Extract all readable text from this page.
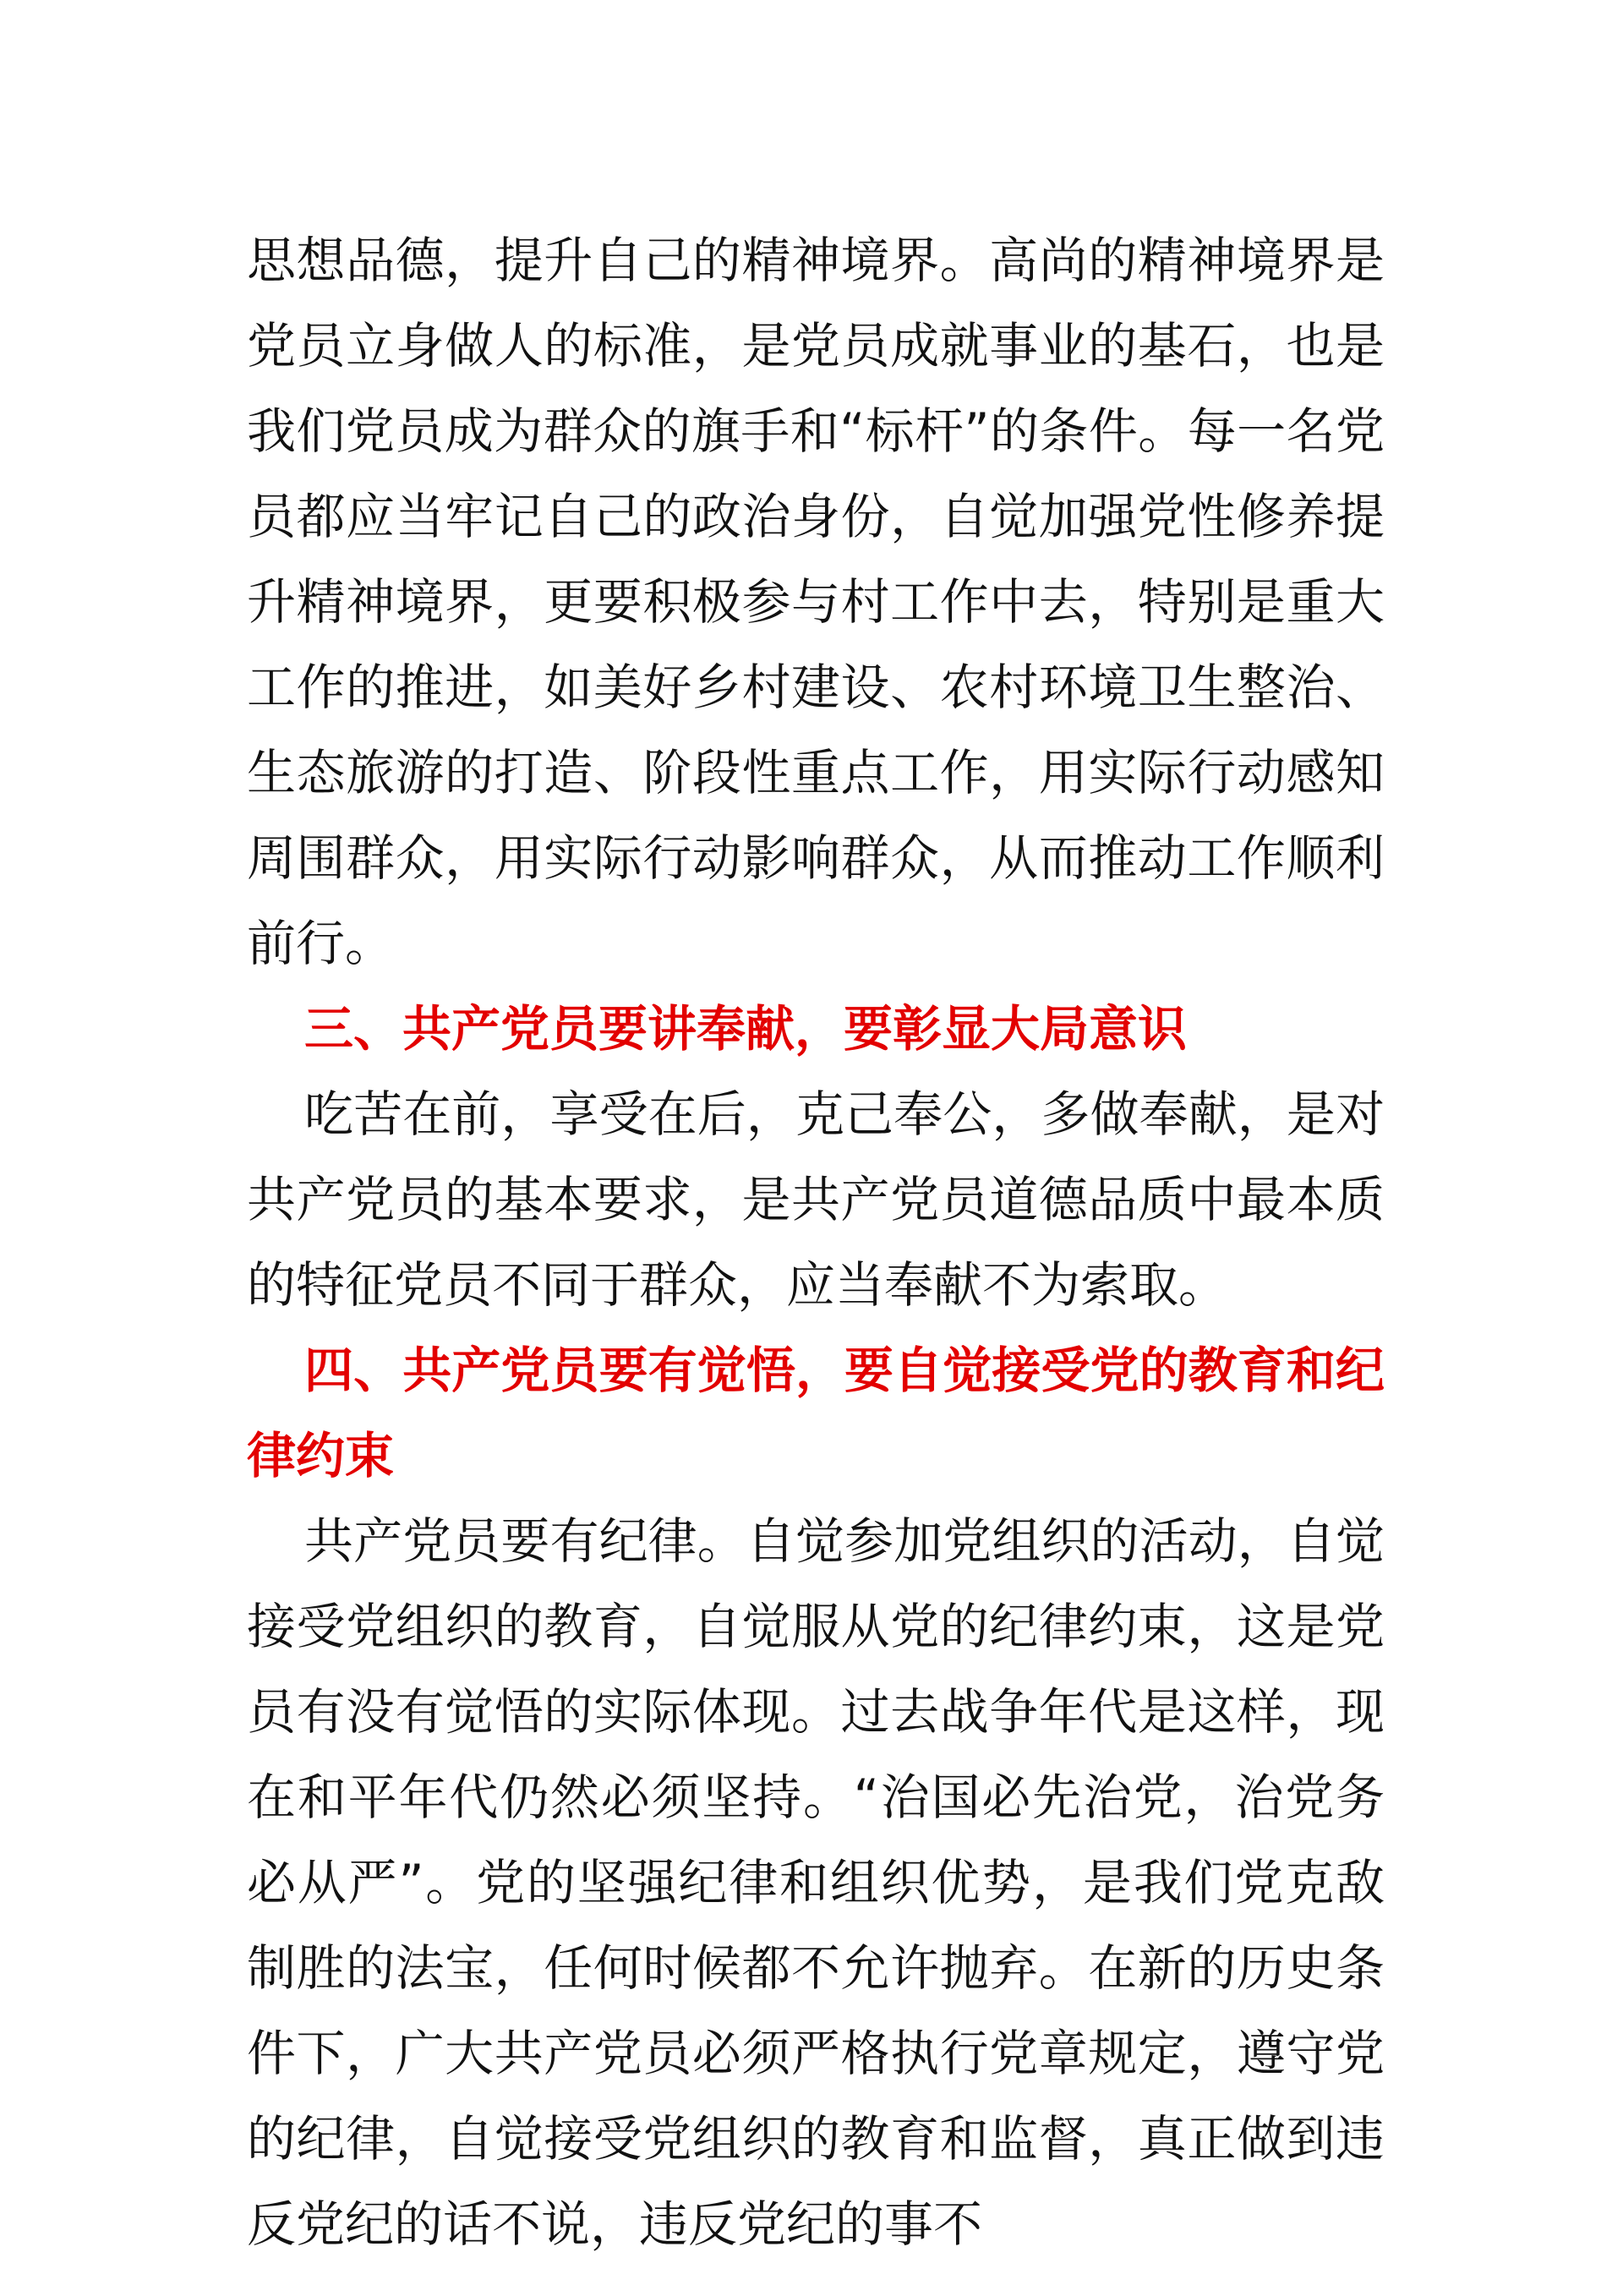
思想品德，提升自己的精神境界。高尚的精神境界是党员立身做人的标准，是党员成就事业的基石，也是我们党员成为群众的旗手和“标杆”的条件。每一名党员都应当牢记自己的政治身份，自觉加强党性修养提升精神境界，更要积极参与村工作中去，特别是重大工作的推进，如美好乡村建设、农村环境卫生整治、生态旅游的打造、阶段性重点工作，用实际行动感知周围群众，用实际行动影响群众，从而推动工作顺利前行。

三、共产党员要讲奉献，要彰显大局意识

吃苦在前，享受在后，克己奉公，多做奉献，是对共产党员的基本要求，是共产党员道德品质中最本质的特征党员不同于群众，应当奉献不为索取。

四、共产党员要有觉悟，要自觉接受党的教育和纪律约束

共产党员要有纪律。自觉参加党组织的活动，自觉接受党组织的教育，自觉服从党的纪律约束，这是党员有没有觉悟的实际体现。过去战争年代是这样，现在和平年代仍然必须坚持。“治国必先治党，治党务必从严”。党的坚强纪律和组织优势，是我们党克敌制胜的法宝，任何时候都不允许抛弃。在新的历史条件下，广大共产党员必须严格执行党章规定，遵守党的纪律，自觉接受党组织的教育和监督，真正做到违反党纪的话不说，违反党纪的事不
